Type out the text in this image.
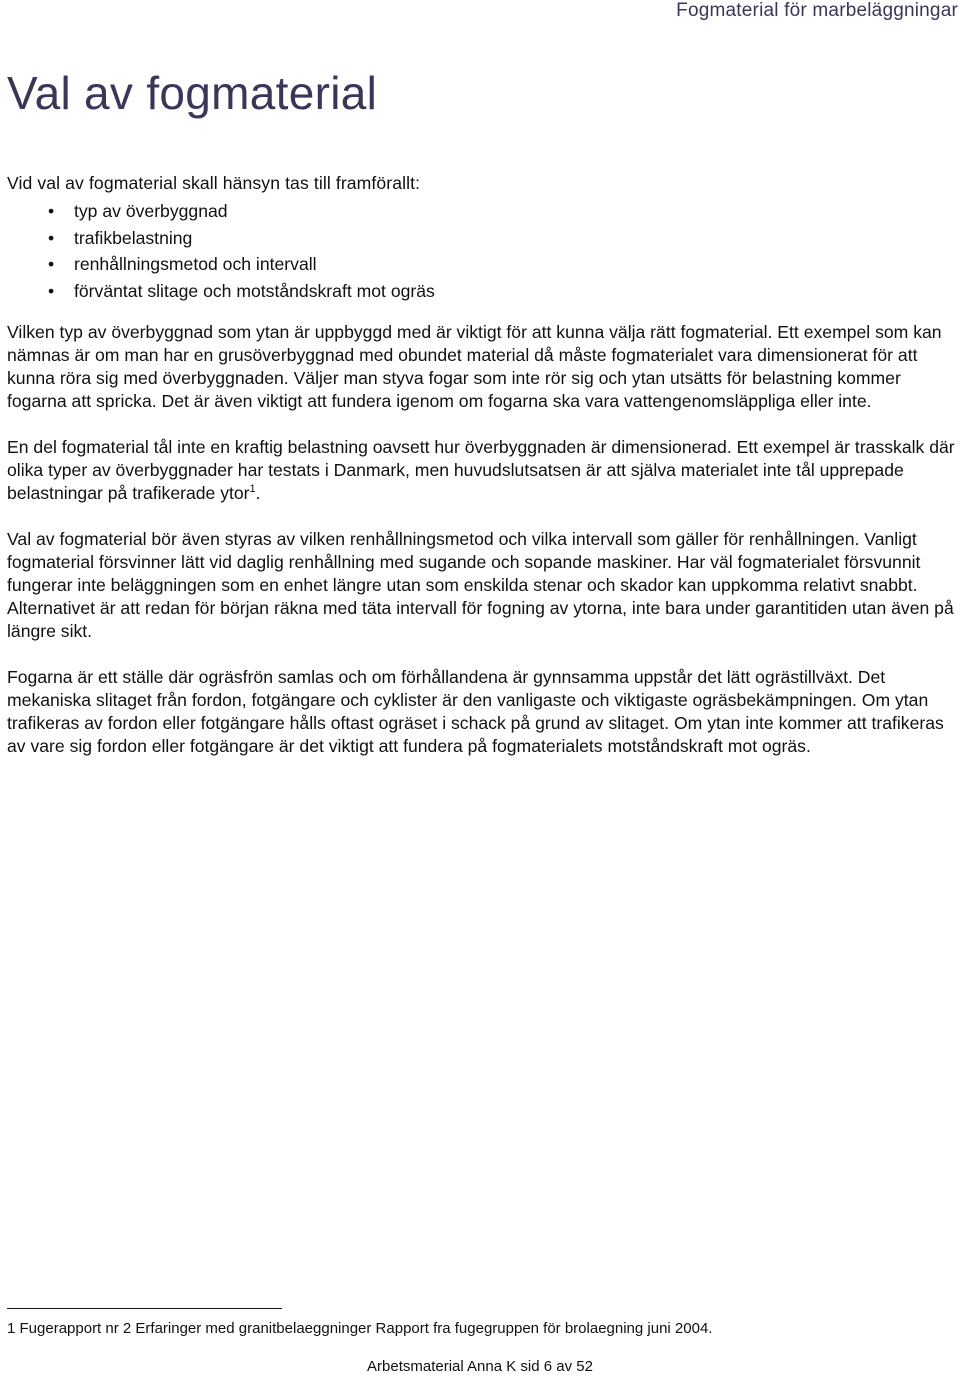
Fogmaterial för marbeläggningar
Val av fogmaterial

Vid val av fogmaterial skall hänsyn tas till framförallt:

• typ av överbyggnad
• trafikbelastning
• renhållningsmetod och intervall
• förväntat slitage och motståndskraft mot ogräs

Vilken typ av överbyggnad som ytan är uppbyggd med är viktigt för att kunna välja rätt fogmaterial. Ett exempel som kan nämnas är om man har en grusöverbyggnad med obundet material då måste fogmaterialet vara dimensionerat för att kunna röra sig med överbyggnaden. Väljer man styva fogar som inte rör sig och ytan utsätts för belastning kommer fogarna att spricka. Det är även viktigt att fundera igenom om fogarna ska vara vattengenomsläppliga eller inte.

En del fogmaterial tål inte en kraftig belastning oavsett hur överbyggnaden är dimensionerad. Ett exempel är trasskalk där olika typer av överbyggnader har testats i Danmark, men huvudslutsatsen är att själva materialet inte tål upprepade belastningar på trafikerade ytor$^1$.

Val av fogmaterial bör även styras av vilken renhållningsmetod och vilka intervall som gäller för renhållningen. Vanligt fogmaterial försvinner lätt vid daglig renhållning med sugande och sopande maskiner. Har väl fogmaterialet försvunnit fungerar inte beläggningen som en enhet längre utan som enskilda stenar och skador kan uppkomma relativt snabbt. Alternativet är att redan för början räkna med täta intervall för fogning av ytorna, inte bara under garantitiden utan även på längre sikt.

Fogarna är ett ställe där ogräsfrön samlas och om förhållandena är gynnsamma uppstår det lätt ogrästillväxt. Det mekaniska slitaget från fordon, fotgängare och cyklister är den vanligaste och viktigaste ogräsbekämpningen. Om ytan trafikeras av fordon eller fotgängare hålls oftast ogräset i schack på grund av slitaget. Om ytan inte kommer att trafikeras av vare sig fordon eller fotgängare är det viktigt att fundera på fogmaterialets motståndskraft mot ogräs.

1 Fugerapport nr 2 Erfaringer med granitbelaeggninger Rapport fra fugegruppen för brolaegning juni 2004.
Arbetsmaterial Anna K sid 6 av 52
